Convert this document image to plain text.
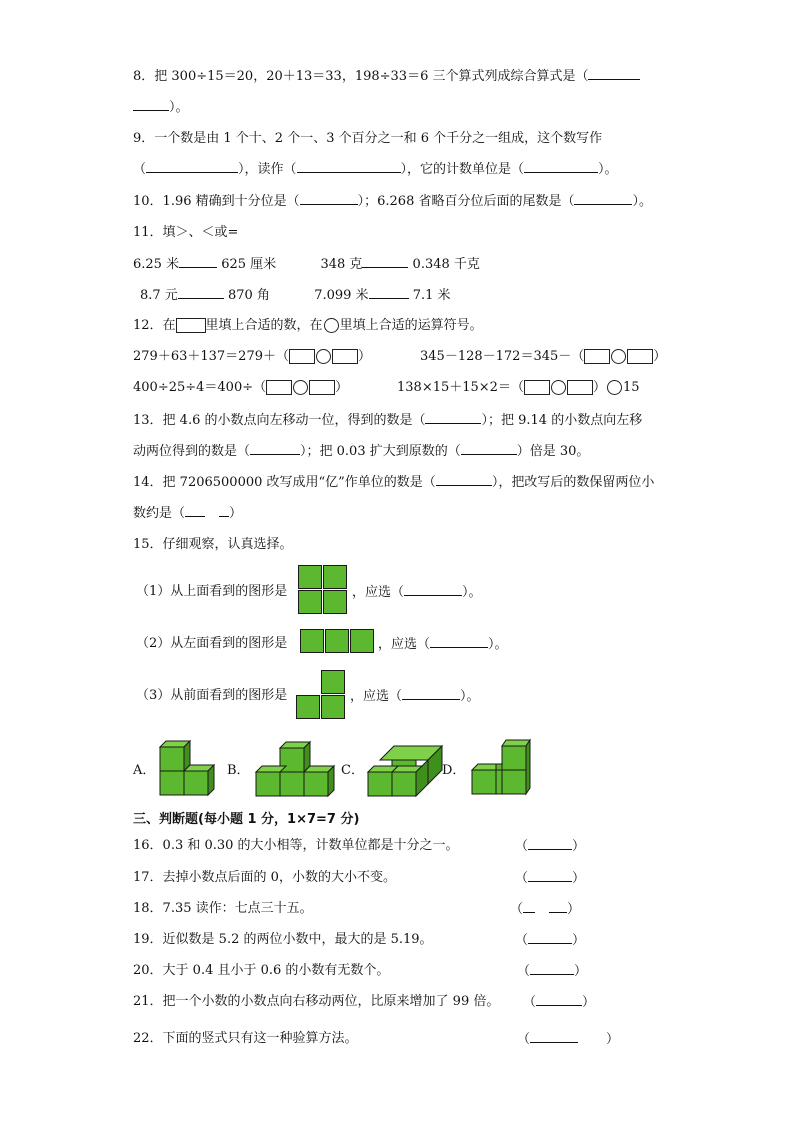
8．把 300÷15＝20，20＋13＝33，198÷33＝6 三个算式列成综合算式是（
）。
9．一个数是由 1 个十、2 个一、3 个百分之一和 6 个千分之一组成，这个数写作
（	），读作（	），它的计数单位是（	）。
10．1.96 精确到十分位是（	）；6.268 省略百分位后面的尾数是（	）。
11．填＞、＜或=
6.25 米	625 厘米	348 克	0.348 千克
8.7 元	870 角	7.099 米	7.1 米
12．在 里填上合适的数，在 里填上合适的运算符号。
279＋63＋137＝279＋（	）	345－128－172＝345－（	）
400÷25÷4＝400÷（	）	138×15＋15×2＝（	） 15
13．把 4.6 的小数点向左移动一位，得到的数是（	）；把 9.14 的小数点向左移
动两位得到的数是（	）；把 0.03 扩大到原数的（	）倍是 30。
14．把 7206500000 改写成用“亿”作单位的数是（	），把改写后的数保留两位小
数约是（	）
15．仔细观察，认真选择。
（1）从上面看到的图形是	，应选（	）。
（2）从左面看到的图形是	，应选（	）。
（3）从前面看到的图形是	，应选（	）。
A．	B．	C．	D．
三、判断题(每小题 1 分，1×7=7 分)
16．0.3 和 0.30 的大小相等，计数单位都是十分之一。	（	）
17．去掉小数点后面的 0，小数的大小不变。	（	）
18．7.35 读作：七点三十五。	（	）
19．近似数是 5.2 的两位小数中，最大的是 5.19。	（	）
20．大于 0.4 且小于 0.6 的小数有无数个。	（	）
21．把一个小数的小数点向右移动两位，比原来增加了 99 倍。 （	）
22．下面的竖式只有这一种验算方法。	（	）
